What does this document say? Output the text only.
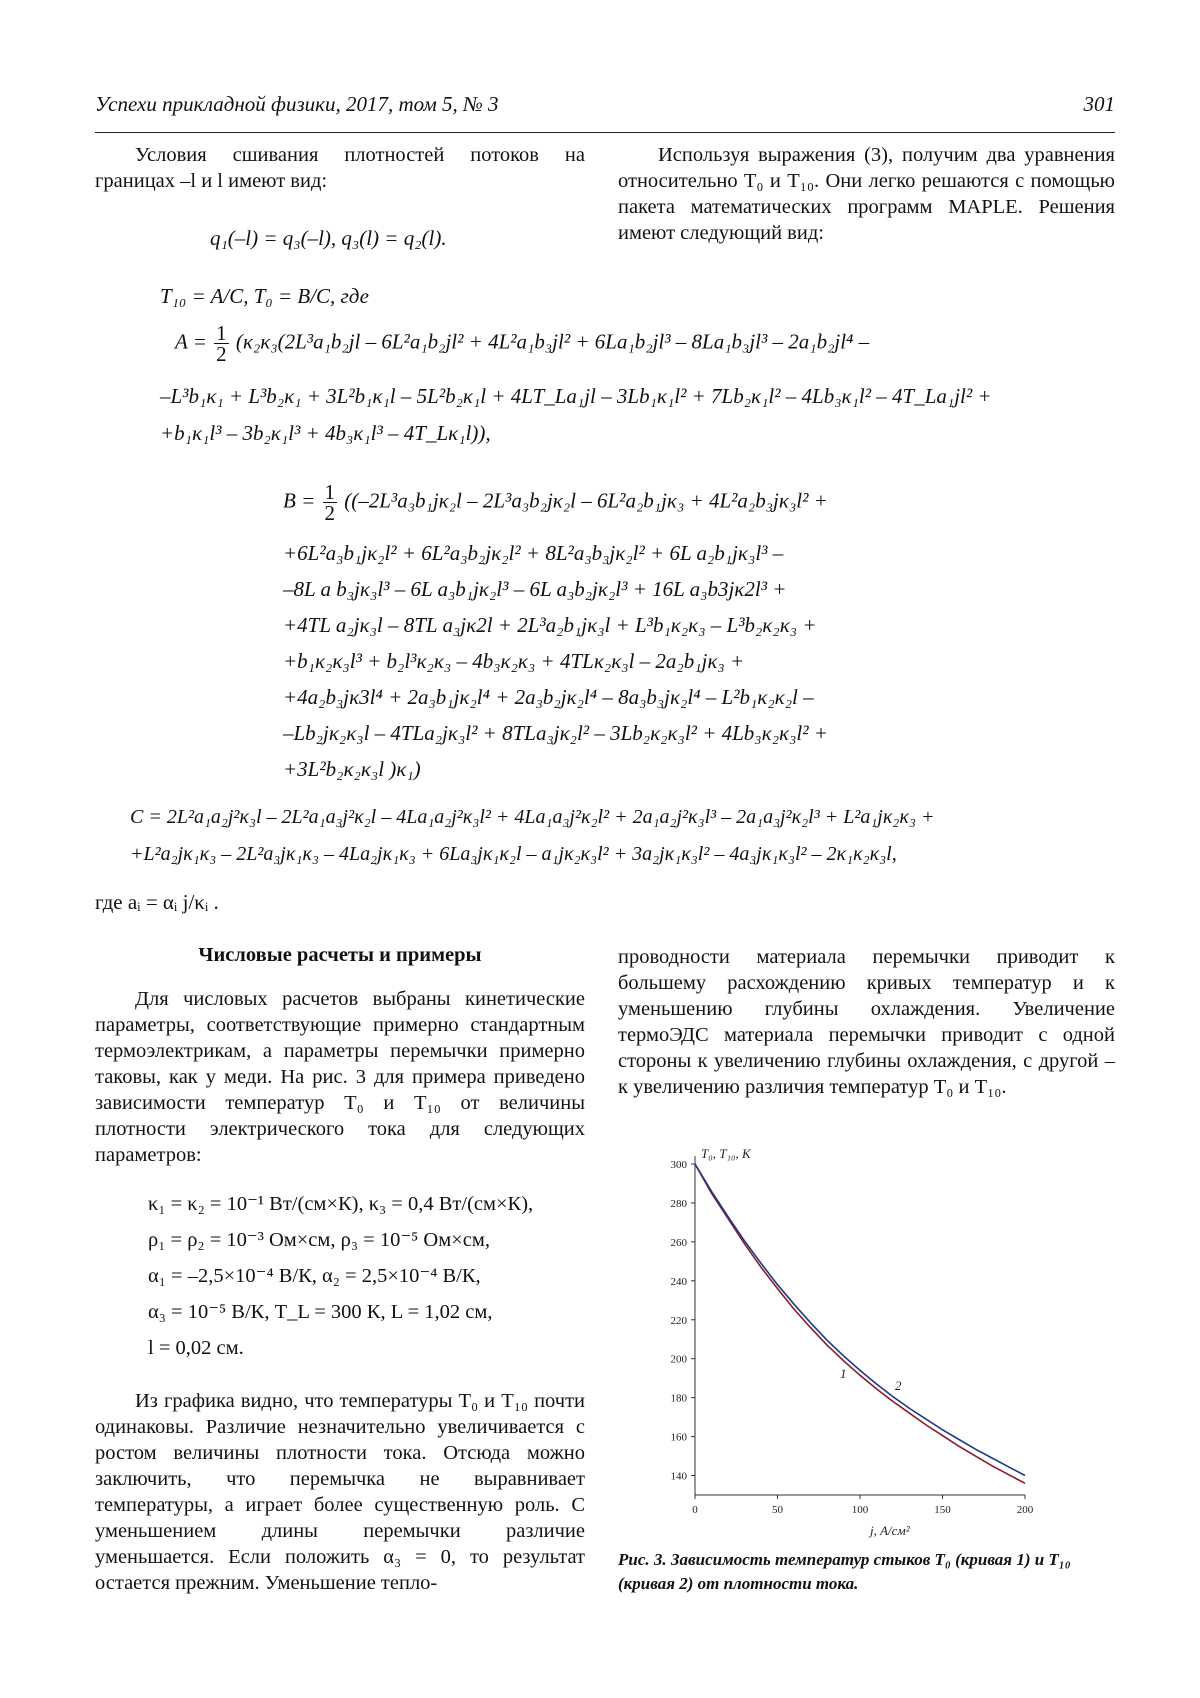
Успехи прикладной физики, 2017, том 5, № 3	301
Условия сшивания плотностей потоков на границах –l и l имеют вид:
q₁(–l) = q₃(–l), q₃(l) = q₂(l).
Используя выражения (3), получим два уравнения относительно T₀ и T₁₀. Они легко решаются с помощью пакета математических программ MAPLE. Решения имеют следующий вид:
T₁₀ = A/C, T₀ = B/C, где
$A = \frac{1}{2} (\kappa_2\kappa_3(2L^3a_1b_2jl - 6L^2a_1b_2jl^2 + 4L^2a_1b_3jl^2 + 6La_1b_2jl^3 - 8La_1b_3jl^3 - 2a_1b_2jl^4$ –
–L³b₁κ₁ + L³b₂κ₁ + 3L²b₁κ₁l – 5L²b₂κ₁l + 4LT_La₁jl – 3Lb₁κ₁l² + 7Lb₂κ₁l² – 4Lb₃κ₁l² – 4T_La₁jl² +
+b₁κ₁l³ – 3b₂κ₁l³ + 4b₃κ₁l³ – 4T_Lκ₁l)),
$B = \frac{1}{2} ((-2L^3a_3b_1j\kappa_2l - 2L^3a_3b_2j\kappa_2l - 6L^2a_2b_1j\kappa_3 + 4L^2a_2b_3j\kappa_3l^2$ +
+6L²a₃b₁jκ₂l² + 6L²a₃b₂jκ₂l² + 8L²a₃b₃jκ₂l² + 6L a₂b₁jκ₃l³ –
–8L a b₃jκ₃l³ – 6L a₃b₁jκ₂l³ – 6L a₃b₂jκ₂l³ + 16L a₃b3jκ2l³ +
+4TL a₂jκ₃l – 8TL a₃jκ2l + 2L³a₂b₁jκ₃l + L³b₁κ₂κ₃ – L³b₂κ₂κ₃ +
+b₁κ₂κ₃l³ + b₂l³κ₂κ₃ – 4b₃κ₂κ₃ + 4TLκ₂κ₃l – 2a₂b₁jκ₃ +
+4a₂b₃jκ3l⁴ + 2a₃b₁jκ₂l⁴ + 2a₃b₂jκ₂l⁴ – 8a₃b₃jκ₂l⁴ – L²b₁κ₂κ₂l –
–Lb₂jκ₂κ₃l – 4TLa₂jκ₃l² + 8TLa₃jκ₂l² – 3Lb₂κ₂κ₃l² + 4Lb₃κ₂κ₃l² +
+3L²b₂κ₂κ₃l )κ₁)
C = 2L²a₁a₂j²κ₃l – 2L²a₁a₃j²κ₂l – 4La₁a₂j²κ₃l² + 4La₁a₃j²κ₂l² + 2a₁a₂j²κ₃l³ – 2a₁a₃j²κ₂l³ + L²a₁jκ₂κ₃ +
+L²a₂jκ₁κ₃ – 2L²a₃jκ₁κ₃ – 4La₂jκ₁κ₃ + 6La₃jκ₁κ₂l – a₁jκ₂κ₃l² + 3a₂jκ₁κ₃l² – 4a₃jκ₁κ₃l² – 2κ₁κ₂κ₃l,
где aᵢ = αᵢ j/κᵢ .
Числовые расчеты и примеры
Для числовых расчетов выбраны кинетические параметры, соответствующие примерно стандартным термоэлектрикам, а параметры перемычки примерно таковы, как у меди. На рис. 3 для примера приведено зависимости температур T₀ и T₁₀ от величины плотности электрического тока для следующих параметров:
κ₁ = κ₂ = 10⁻¹ Вт/(см×К), κ₃ = 0,4 Вт/(см×К),
ρ₁ = ρ₂ = 10⁻³ Ом×см, ρ₃ = 10⁻⁵ Ом×см,
α₁ = –2,5×10⁻⁴ В/К, α₂ = 2,5×10⁻⁴ В/К,
α₃ = 10⁻⁵ В/К, T_L = 300 К, L = 1,02 см,
l = 0,02 см.
Из графика видно, что температуры T₀ и T₁₀ почти одинаковы. Различие незначительно увеличивается с ростом величины плотности тока. Отсюда можно заключить, что перемычка не выравнивает температуры, а играет более существенную роль. С уменьшением длины перемычки различие уменьшается. Если положить α₃ = 0, то результат остается прежним. Уменьшение тепло-
проводности материала перемычки приводит к большему расхождению кривых температур и к уменьшению глубины охлаждения. Увеличение термоЭДС материала перемычки приводит с одной стороны к увеличению глубины охлаждения, с другой – к увеличению различия температур T₀ и T₁₀.
140
160
180
200
220
240
260
280
300
0	50	100	150	200
T₀, T₁₀, К
j, А/см²
1
2
Рис. 3. Зависимость температур стыков T₀ (кривая 1) и T₁₀ (кривая 2) от плотности тока.
